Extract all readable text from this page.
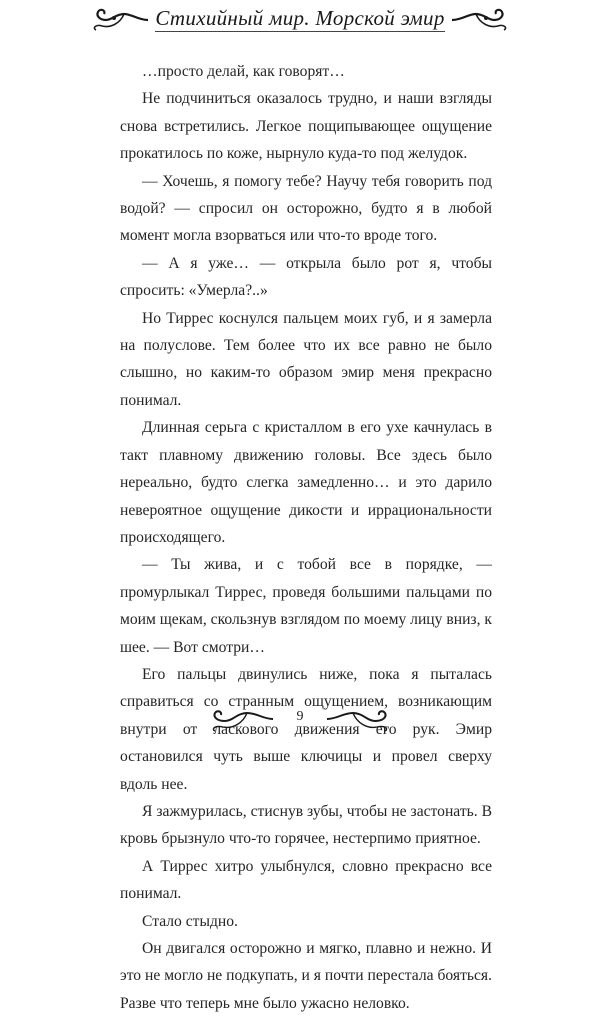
Стихийный мир. Морской эмир

…просто делай, как говорят…

Не подчиниться оказалось трудно, и наши взгляды снова встретились. Легкое пощипывающее ощущение прокатилось по коже, нырнуло куда-то под желудок.

— Хочешь, я помогу тебе? Научу тебя говорить под водой? — спросил он осторожно, будто я в любой момент могла взорваться или что-то вроде того.

— А я уже… — открыла было рот я, чтобы спросить: «Умерла?..»

Но Тиррес коснулся пальцем моих губ, и я замерла на полуслове. Тем более что их все равно не было слышно, но каким-то образом эмир меня прекрасно понимал.

Длинная серьга с кристаллом в его ухе качнулась в такт плавному движению головы. Все здесь было нереально, будто слегка замедленно… и это дарило невероятное ощущение дикости и иррациональности происходящего.

— Ты жива, и с тобой все в порядке, — промурлыкал Тиррес, проведя большими пальцами по моим щекам, скользнув взглядом по моему лицу вниз, к шее. — Вот смотри…

Его пальцы двинулись ниже, пока я пыталась справиться со странным ощущением, возникающим внутри от ласкового движения его рук. Эмир остановился чуть выше ключицы и провел сверху вдоль нее.

Я зажмурилась, стиснув зубы, чтобы не застонать. В кровь брызнуло что-то горячее, нестерпимо приятное.

А Тиррес хитро улыбнулся, словно прекрасно все понимал.

Стало стыдно.

Он двигался осторожно и мягко, плавно и нежно. И это не могло не подкупать, и я почти перестала бояться. Разве что теперь мне было ужасно неловко.

9
